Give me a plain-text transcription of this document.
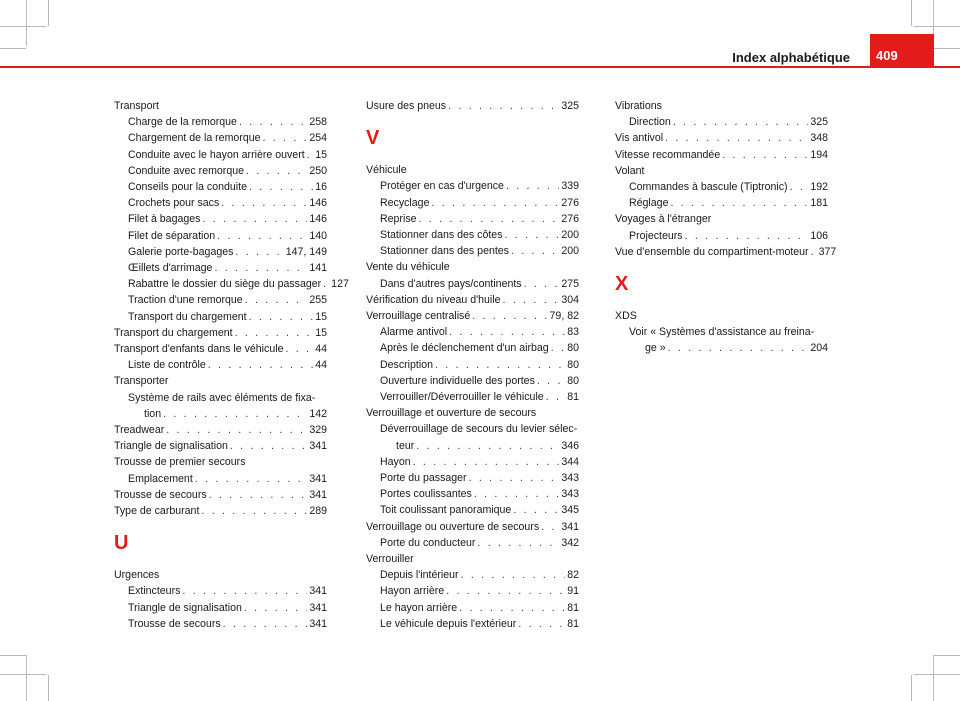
Index alphabétique 409
Transport
Charge de la remorque . . .	258
Chargement de la remorque . . .	254
Conduite avec le hayon arrière ouvert . . . 15
Conduite avec remorque . . .	250
Conseils pour la conduite . . .	16
Crochets pour sacs . . .	146
Filet à bagages . . .	146
Filet de séparation . . .	140
Galerie porte-bagages . . .	147, 149
Œillets d'arrimage . . .	141
Rabattre le dossier du siège du passager . . . 127
Traction d'une remorque . . .	255
Transport du chargement . . .	15
Transport du chargement . . .	15
Transport d'enfants dans le véhicule . . .	44
Liste de contrôle . . .	44
Transporter
Système de rails avec éléments de fixa-
tion . . .	142
Treadwear . . .	329
Triangle de signalisation . . .	341
Trousse de premier secours
Emplacement . . .	341
Trousse de secours . . .	341
Type de carburant . . .	289
U
Urgences
Extincteurs . . .	341
Triangle de signalisation . . .	341
Trousse de secours . . .	341
Usure des pneus . . .	325
V
Véhicule
Protéger en cas d'urgence . . .	339
Recyclage . . .	276
Reprise . . .	276
Stationner dans des côtes . . .	200
Stationner dans des pentes . . .	200
Vente du véhicule
Dans d'autres pays/continents . . .	275
Vérification du niveau d'huile . . .	304
Verrouillage centralisé . . .	79, 82
Alarme antivol . . .	83
Après le déclenchement d'un airbag . . . 80
Description . . .	80
Ouverture individuelle des portes . . .	80
Verrouiller/Déverrouiller le véhicule . . . 81
Verrouillage et ouverture de secours
Déverrouillage de secours du levier sélec-
teur . . .	346
Hayon . . .	344
Porte du passager . . .	343
Portes coulissantes . . .	343
Toit coulissant panoramique . . .	345
Verrouillage ou ouverture de secours . . . 341
Porte du conducteur . . .	342
Verrouiller
Depuis l'intérieur . . .	82
Hayon arrière . . .	91
Le hayon arrière . . .	81
Le véhicule depuis l'extérieur . . .	81
Vibrations
Direction . . .	325
Vis antivol . . .	348
Vitesse recommandée . . .	194
Volant
Commandes à bascule (Tiptronic) . . . 192
Réglage . . .	181
Voyages à l'étranger
Projecteurs . . .	106
Vue d'ensemble du compartiment-moteur . . . 377
X
XDS
Voir « Systèmes d'assistance au freina-
ge » . . .	204
